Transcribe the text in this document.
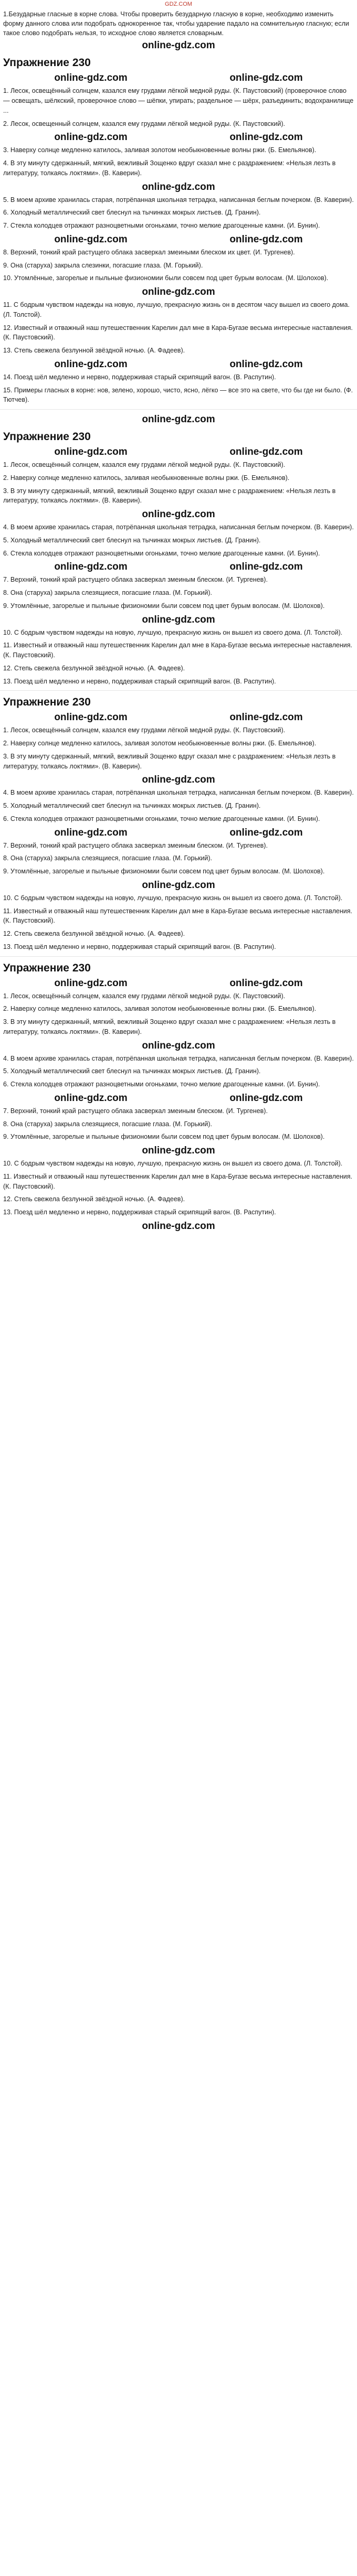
GDZ.COM

1.Безударные гласные в корне слова. Чтобы проверить безударную гласную в корне, необходимо изменить форму данного слова или подобрать однокоренное так, чтобы ударение падало на сомнительную гласную; если такое слово подобрать нельзя, то исходное слово является словарным.

online-gdz.com
Упражнение 230
online-gdz.com	online-gdz.com

1. Лесок, освещённый солнцем, казался ему грудами лёгкой медной руды. (К. Паустовский) (проверочное слово — освещать, шёлкский, проверочное слово — шёпки, упирать; раздельное — шёрх, разъединить; водохранилище ...

2. Лесок, освещенный солнцем, казался ему грудами лёгкой медной руды. (К. Паустовский).

online-gdz.com	online-gdz.com

3. Наверху солнце медленно катилось, заливая золотом необыкновенные волны ржи. (Б. Емельянов).

4. В эту минуту сдержанный, мягкий, вежливый Зощенко вдруг сказал мне с раздражением: «Нельзя лезть в литературу, толкаясь локтями». (В. Каверин).

online-gdz.com

5. В моем архиве хранилась старая, потрёпанная школьная тетрадка, написанная беглым почерком. (В. Каверин).

6. Холодный металлический свет блеснул на тычинках мокрых листьев. (Д. Гранин).

7. Стекла колодцев отражают разноцветными огоньками, точно мелкие драгоценные камни. (И. Бунин).

online-gdz.com	online-gdz.com

8. Верхний, тонкий край растущего облака засверкал змеиными блеском их цвет. (И. Тургенев).

9. Она (старуха) закрыла слезинки, погасшие глаза. (М. Горький).

10. Утомлённые, загорелые и пыльные физиономии были совсем под цвет бурым волосам. (М. Шолохов).

online-gdz.com

11. С бодрым чувством надежды на новую, лучшую, прекрасную жизнь он в десятом часу вышел из своего дома. (Л. Толстой).

12. Известный и отважный наш путешественник Карелин дал мне в Кара-Бугазе весьма интересные наставления. (К. Паустовский).

13. Степь свежела безлунной звёздной ночью. (А. Фадеев).

online-gdz.com	online-gdz.com

14. Поезд шёл медленно и нервно, поддерживая старый скрипящий вагон. (В. Распутин).

15. Примеры гласных в корне: нов, зелено, хорошо, чисто, ясно, лёгко — все это на свете, что бы где ни было. (Ф. Тютчев).

online-gdz.com
Упражнение 230
online-gdz.com	online-gdz.com

1. Лесок, освещённый солнцем, казался ему грудами лёгкой медной руды. (К. Паустовский).

2. Наверху солнце медленно катилось, заливая необыкновенные волны ржи. (Б. Емельянов).

3. В эту минуту сдержанный, мягкий, вежливый Зощенко вдруг сказал мне с раздражением: «Нельзя лезть в литературу, толкаясь локтями». (В. Каверин).

online-gdz.com

4. В моем архиве хранилась старая, потрёпанная школьная тетрадка, написанная беглым почерком. (В. Каверин).

5. Холодный металлический свет блеснул на тычинках мокрых листьев. (Д. Гранин).

6. Стекла колодцев отражают разноцветными огоньками, точно мелкие драгоценные камни. (И. Бунин).

online-gdz.com	online-gdz.com

7. Верхний, тонкий край растущего облака засверкал змеиным блеском. (И. Тургенев).

8. Она (старуха) закрыла слезящиеся, погасшие глаза. (М. Горький).

9. Утомлённые, загорелые и пыльные физиономии были совсем под цвет бурым волосам. (М. Шолохов).

online-gdz.com

10. С бодрым чувством надежды на новую, лучшую, прекрасную жизнь он вышел из своего дома. (Л. Толстой).

11. Известный и отважный наш путешественник Карелин дал мне в Кара-Бугазе весьма интересные наставления. (К. Паустовский).

12. Степь свежела безлунной звёздной ночью. (А. Фадеев).

13. Поезд шёл медленно и нервно, поддерживая старый скрипящий вагон. (В. Распутин).

Упражнение 230
online-gdz.com	online-gdz.com

1. Лесок, освещённый солнцем, казался ему грудами лёгкой медной руды. (К. Паустовский).

2. Наверху солнце медленно катилось, заливая золотом необыкновенные волны ржи. (Б. Емельянов).

3. В эту минуту сдержанный, мягкий, вежливый Зощенко вдруг сказал мне с раздражением: «Нельзя лезть в литературу, толкаясь локтями». (В. Каверин).

online-gdz.com

4. В моем архиве хранилась старая, потрёпанная школьная тетрадка, написанная беглым почерком. (В. Каверин).

5. Холодный металлический свет блеснул на тычинках мокрых листьев. (Д. Гранин).

6. Стекла колодцев отражают разноцветными огоньками, точно мелкие драгоценные камни. (И. Бунин).

online-gdz.com	online-gdz.com

7. Верхний, тонкий край растущего облака засверкал змеиным блеском. (И. Тургенев).

8. Она (старуха) закрыла слезящиеся, погасшие глаза. (М. Горький).

9. Утомлённые, загорелые и пыльные физиономии были совсем под цвет бурым волосам. (М. Шолохов).

online-gdz.com

10. С бодрым чувством надежды на новую, лучшую, прекрасную жизнь он вышел из своего дома. (Л. Толстой).

11. Известный и отважный наш путешественник Карелин дал мне в Кара-Бугазе весьма интересные наставления. (К. Паустовский).

12. Степь свежела безлунной звёздной ночью. (А. Фадеев).

13. Поезд шёл медленно и нервно, поддерживая старый скрипящий вагон. (В. Распутин).

Упражнение 230
online-gdz.com	online-gdz.com

1. Лесок, освещённый солнцем, казался ему грудами лёгкой медной руды. (К. Паустовский).

2. Наверху солнце медленно катилось, заливая золотом необыкновенные волны ржи. (Б. Емельянов).

3. В эту минуту сдержанный, мягкий, вежливый Зощенко вдруг сказал мне с раздражением: «Нельзя лезть в литературу, толкаясь локтями». (В. Каверин).

online-gdz.com

4. В моем архиве хранилась старая, потрёпанная школьная тетрадка, написанная беглым почерком. (В. Каверин).

5. Холодный металлический свет блеснул на тычинках мокрых листьев. (Д. Гранин).

6. Стекла колодцев отражают разноцветными огоньками, точно мелкие драгоценные камни. (И. Бунин).

online-gdz.com	online-gdz.com

7. Верхний, тонкий край растущего облака засверкал змеиным блеском. (И. Тургенев).

8. Она (старуха) закрыла слезящиеся, погасшие глаза. (М. Горький).

9. Утомлённые, загорелые и пыльные физиономии были совсем под цвет бурым волосам. (М. Шолохов).

online-gdz.com

10. С бодрым чувством надежды на новую, лучшую, прекрасную жизнь он вышел из своего дома. (Л. Толстой).

11. Известный и отважный наш путешественник Карелин дал мне в Кара-Бугазе весьма интересные наставления. (К. Паустовский).

12. Степь свежела безлунной звёздной ночью. (А. Фадеев).

13. Поезд шёл медленно и нервно, поддерживая старый скрипящий вагон. (В. Распутин).

online-gdz.com
